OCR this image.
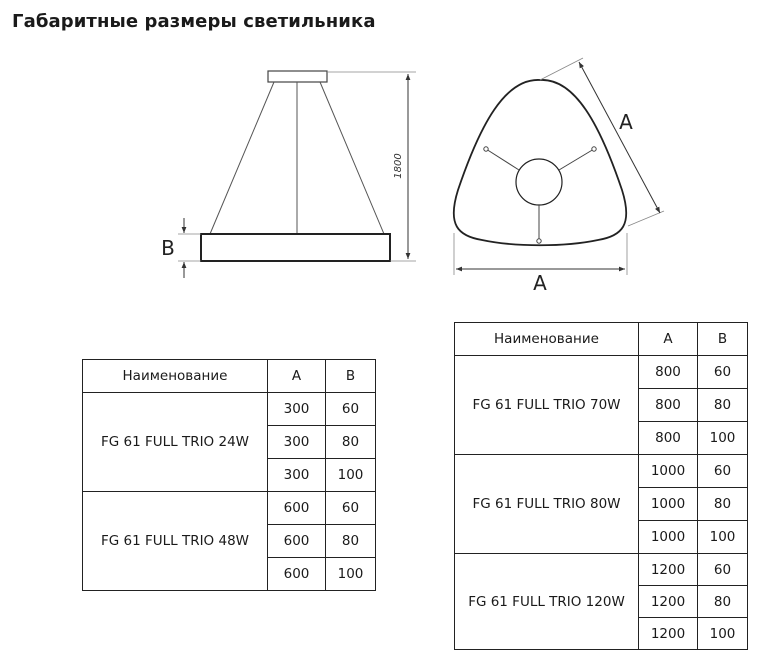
Габаритные размеры светильника
1800
B
A
A
Наименование	A	B
FG 61 FULL TRIO 24W	300	60
	300	80
	300	100
FG 61 FULL TRIO 48W	600	60
	600	80
	600	100
Наименование	A	B
FG 61 FULL TRIO 70W	800	60
	800	80
	800	100
FG 61 FULL TRIO 80W	1000	60
	1000	80
	1000	100
FG 61 FULL TRIO 120W	1200	60
	1200	80
	1200	100
